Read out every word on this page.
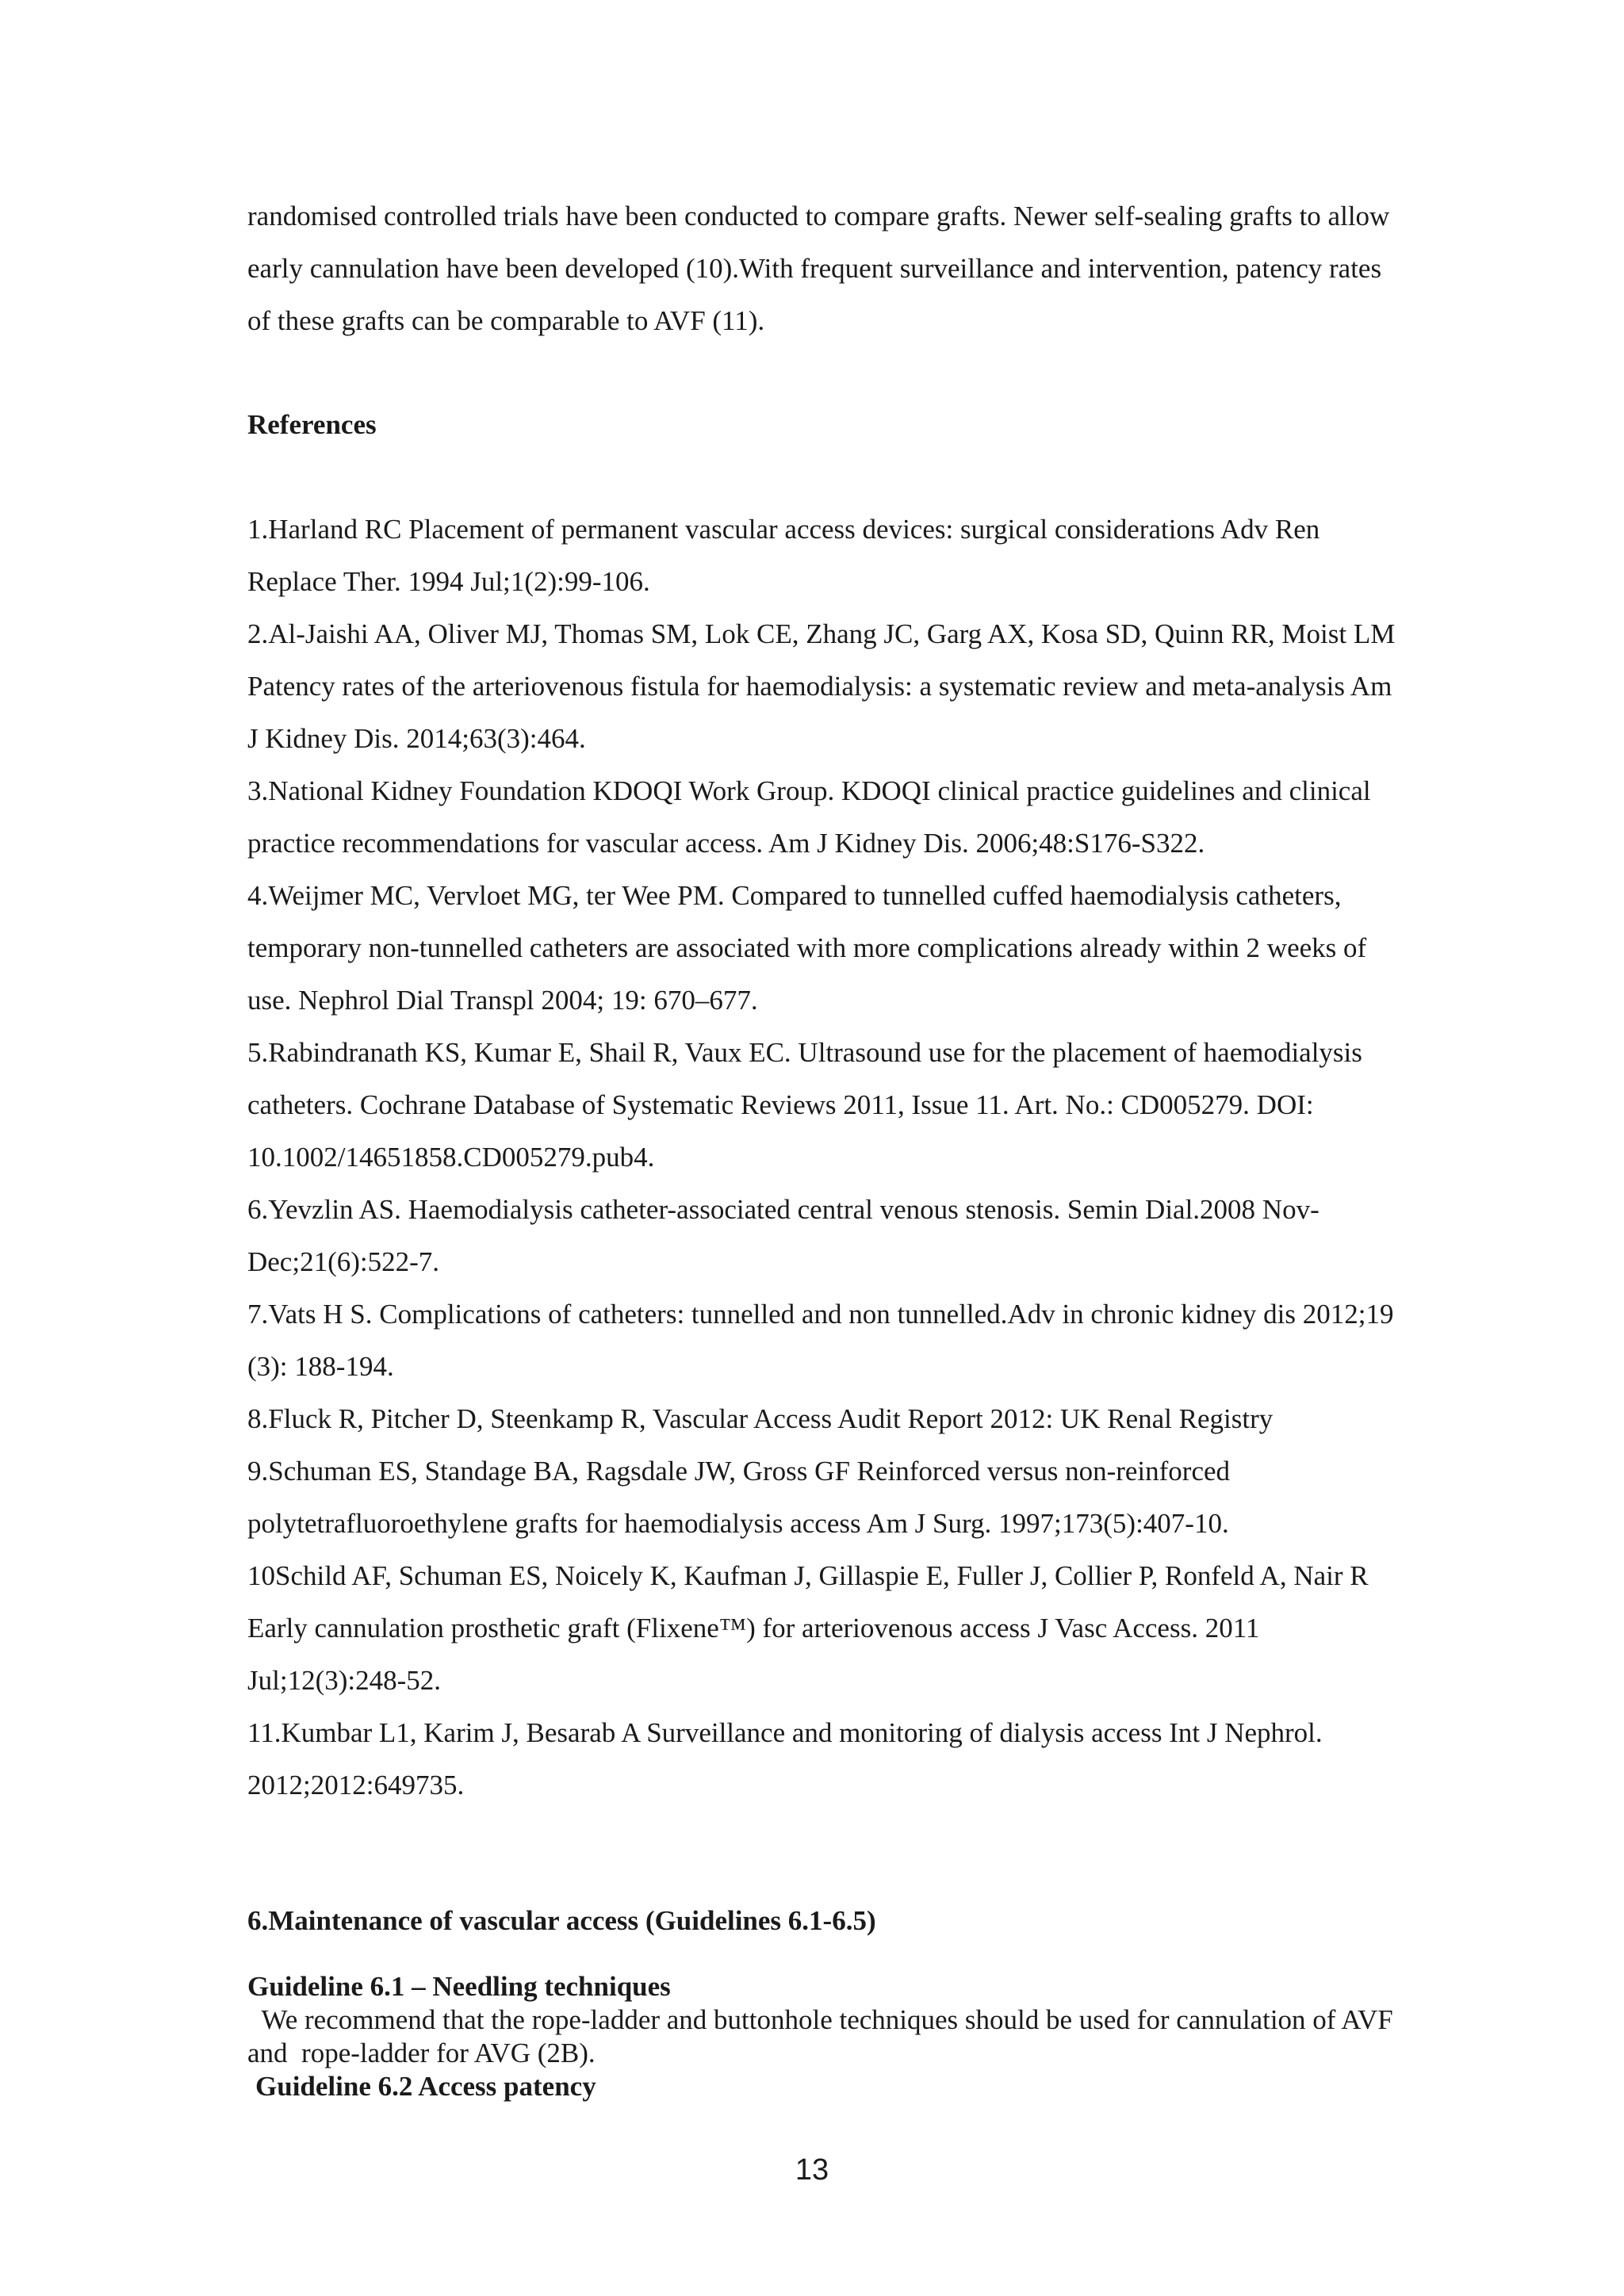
randomised controlled trials have been conducted to compare grafts. Newer self-sealing grafts to allow early cannulation have been developed (10).With frequent surveillance and intervention, patency rates of these grafts can be comparable to AVF (11).

References

1.Harland RC Placement of permanent vascular access devices: surgical considerations Adv Ren Replace Ther. 1994 Jul;1(2):99-106.

2.Al-Jaishi AA, Oliver MJ, Thomas SM, Lok CE, Zhang JC, Garg AX, Kosa SD, Quinn RR, Moist LM Patency rates of the arteriovenous fistula for haemodialysis: a systematic review and meta-analysis Am J Kidney Dis. 2014;63(3):464.

3.National Kidney Foundation KDOQI Work Group. KDOQI clinical practice guidelines and clinical practice recommendations for vascular access. Am J Kidney Dis. 2006;48:S176-S322.

4.Weijmer MC, Vervloet MG, ter Wee PM. Compared to tunnelled cuffed haemodialysis catheters, temporary non-tunnelled catheters are associated with more complications already within 2 weeks of use. Nephrol Dial Transpl 2004; 19: 670–677.

5.Rabindranath KS, Kumar E, Shail R, Vaux EC. Ultrasound use for the placement of haemodialysis catheters. Cochrane Database of Systematic Reviews 2011, Issue 11. Art. No.: CD005279. DOI: 10.1002/14651858.CD005279.pub4.

6.Yevzlin AS. Haemodialysis catheter-associated central venous stenosis. Semin Dial.2008 Nov-Dec;21(6):522-7.

7.Vats H S. Complications of catheters: tunnelled and non tunnelled.Adv in chronic kidney dis 2012;19 (3): 188-194.

8.Fluck R, Pitcher D, Steenkamp R, Vascular Access Audit Report 2012: UK Renal Registry

9.Schuman ES, Standage BA, Ragsdale JW, Gross GF Reinforced versus non-reinforced polytetrafluoroethylene grafts for haemodialysis access Am J Surg. 1997;173(5):407-10.

10Schild AF, Schuman ES, Noicely K, Kaufman J, Gillaspie E, Fuller J, Collier P, Ronfeld A, Nair R Early cannulation prosthetic graft (Flixene™) for arteriovenous access J Vasc Access. 2011 Jul;12(3):248-52.

11.Kumbar L1, Karim J, Besarab A Surveillance and monitoring of dialysis access Int J Nephrol. 2012;2012:649735.

6.Maintenance of vascular access (Guidelines 6.1-6.5)

Guideline 6.1 – Needling techniques

We recommend that the rope-ladder and buttonhole techniques should be used for cannulation of AVF and  rope-ladder for AVG (2B).

Guideline 6.2 Access patency

13
